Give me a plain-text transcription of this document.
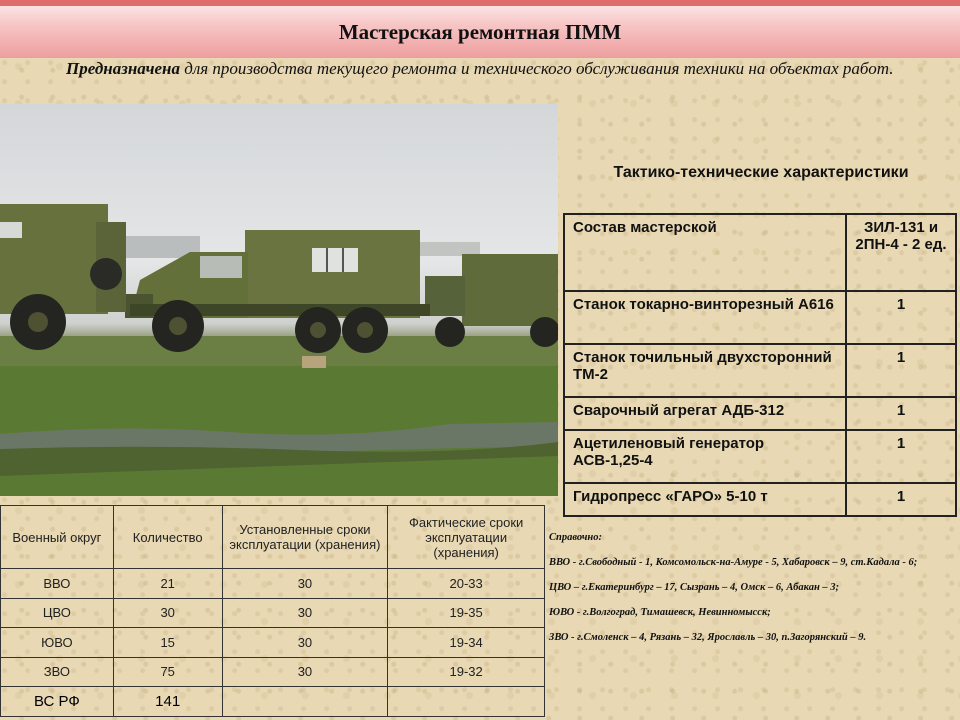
Мастерская ремонтная ПММ
Предназначена для производства текущего ремонта и технического обслуживания техники на объектах работ.
Тактико-технические характеристики
Состав мастерской	ЗИЛ-131 и 2ПН-4 - 2 ед.
Станок токарно-винторезный А616	1
Станок точильный двухсторонний ТМ-2	1
Сварочный агрегат АДБ-312	1
Ацетиленовый генератор АСВ-1,25-4	1
Гидропресс «ГАРО» 5-10 т	1
Военный округ	Количество	Установленные сроки эксплуатации (хранения)	Фактические сроки эксплуатации (хранения)
ВВО	21	30	20-33
ЦВО	30	30	19-35
ЮВО	15	30	19-34
ЗВО	75	30	19-32
ВС РФ	141		
Справочно:
ВВО - г.Свободный - 1, Комсомольск-на-Амуре - 5, Хабаровск – 9, ст.Кадала - 6;
ЦВО – г.Екатеринбург – 17, Сызрань – 4, Омск – 6, Абакан – 3;
ЮВО - г.Волгоград, Тимашевск, Невинномысск;
ЗВО - г.Смоленск – 4, Рязань – 32, Ярославль – 30, п.Загорянский – 9.
